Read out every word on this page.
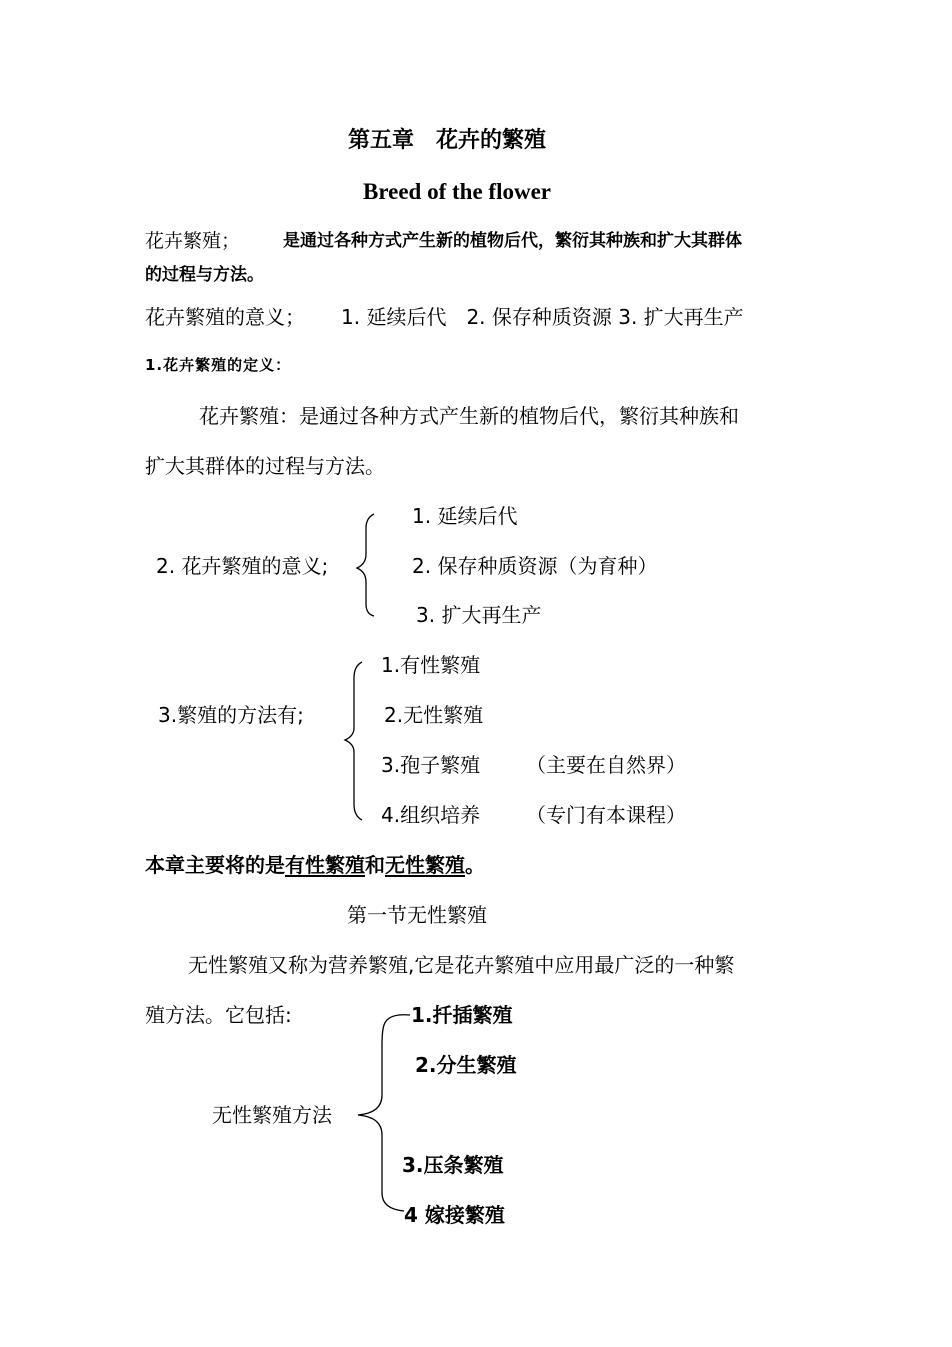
第五章　花卉的繁殖
Breed of the flower
花卉繁殖；	是通过各种方式产生新的植物后代，繁衍其种族和扩大其群体
的过程与方法。
花卉繁殖的意义； 1. 延续后代　2. 保存种质资源 3. 扩大再生产
1.花卉繁殖的定义：
花卉繁殖：是通过各种方式产生新的植物后代，繁衍其种族和
扩大其群体的过程与方法。
2. 花卉繁殖的意义;
1. 延续后代
2. 保存种质资源（为育种）
3. 扩大再生产
3.繁殖的方法有;
1.有性繁殖
2.无性繁殖
3.孢子繁殖 （主要在自然界）
4.组织培养 （专门有本课程）
本章主要将的是有性繁殖和无性繁殖。
第一节无性繁殖
无性繁殖又称为营养繁殖,它是花卉繁殖中应用最广泛的一种繁
殖方法。它包括:
无性繁殖方法
1.扦插繁殖
2.分生繁殖
3.压条繁殖
4 嫁接繁殖
